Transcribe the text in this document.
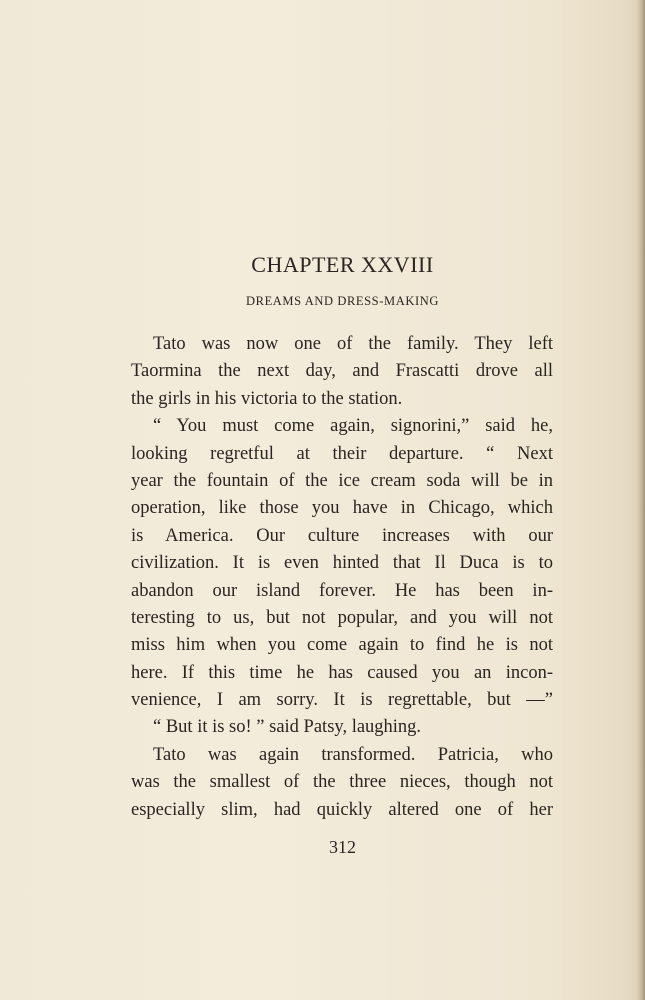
CHAPTER XXVIII
DREAMS AND DRESS-MAKING
Tato was now one of the family. They left
Taormina the next day, and Frascatti drove all
the girls in his victoria to the station.
“ You must come again, signorini,” said he,
looking regretful at their departure. “ Next
year the fountain of the ice cream soda will be in
operation, like those you have in Chicago, which
is America. Our culture increases with our
civilization. It is even hinted that Il Duca is to
abandon our island forever. He has been in-
teresting to us, but not popular, and you will not
miss him when you come again to find he is not
here. If this time he has caused you an incon-
venience, I am sorry. It is regrettable, but —”
“ But it is so! ” said Patsy, laughing.
Tato was again transformed. Patricia, who
was the smallest of the three nieces, though not
especially slim, had quickly altered one of her
312
